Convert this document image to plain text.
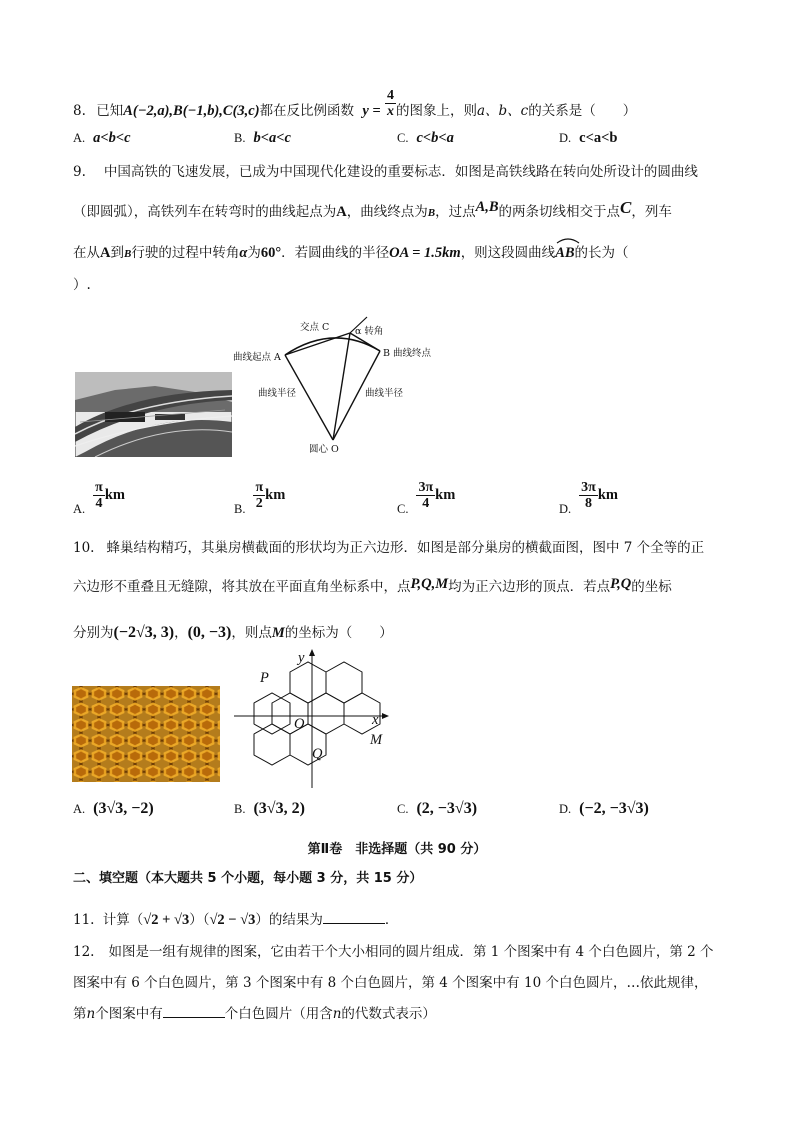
8. 已知A(−2,a),B(−1,b),C(3,c)都在反比例函数 $y = \frac{4}{x}$ 的图象上，则a、b、c的关系是（　　）
A. a<b<c	B. b<a<c	C. c<b<a	D. c<a<b
9. 中国高铁的飞速发展，已成为中国现代化建设的重要标志．如图是高铁线路在转向处所设计的圆曲线
（即圆弧），高铁列车在转弯时的曲线起点为A，曲线终点为B，过点A,B的两条切线相交于点C，列车
在从A到B行驶的过程中转角α为60°．若圆曲线的半径OA = 1.5km，则这段圆曲线
AB的长为（
）.
交点 C	α 转角
曲线起点 A	B 曲线终点
曲线半径	曲线半径
圆心 O
A. $\frac{\pi}{4}$ km
B. $\frac{\pi}{2}$ km
C. $\frac{3\pi}{4}$ km
D. $\frac{3\pi}{8}$ km
10. 蜂巢结构精巧，其巢房横截面的形状均为正六边形．如图是部分巢房的横截面图，图中 7 个全等的正
六边形不重叠且无缝隙，将其放在平面直角坐标系中，点P,Q,M均为正六边形的顶点．若点P,Q的坐标
分别为(−2√3, 3)，(0, −3)，则点M的坐标为（　　）
y
P
x
O
M
Q
A. (3√3, −2)	B. (3√3, 2)	C. (2, −3√3)	D. (−2, −3√3)
第Ⅱ卷　非选择题（共 90 分）
二、填空题（本大题共 5 个小题，每小题 3 分，共 15 分）
11. 计算（√2 + √3）（√2 − √3）的结果为	．
12. 如图是一组有规律的图案，它由若干个大小相同的圆片组成．第 1 个图案中有 4 个白色圆片，第 2 个
图案中有 6 个白色圆片，第 3 个图案中有 8 个白色圆片，第 4 个图案中有 10 个白色圆片，…依此规律，
第n个图案中有	个白色圆片（用含n的代数式表示）
